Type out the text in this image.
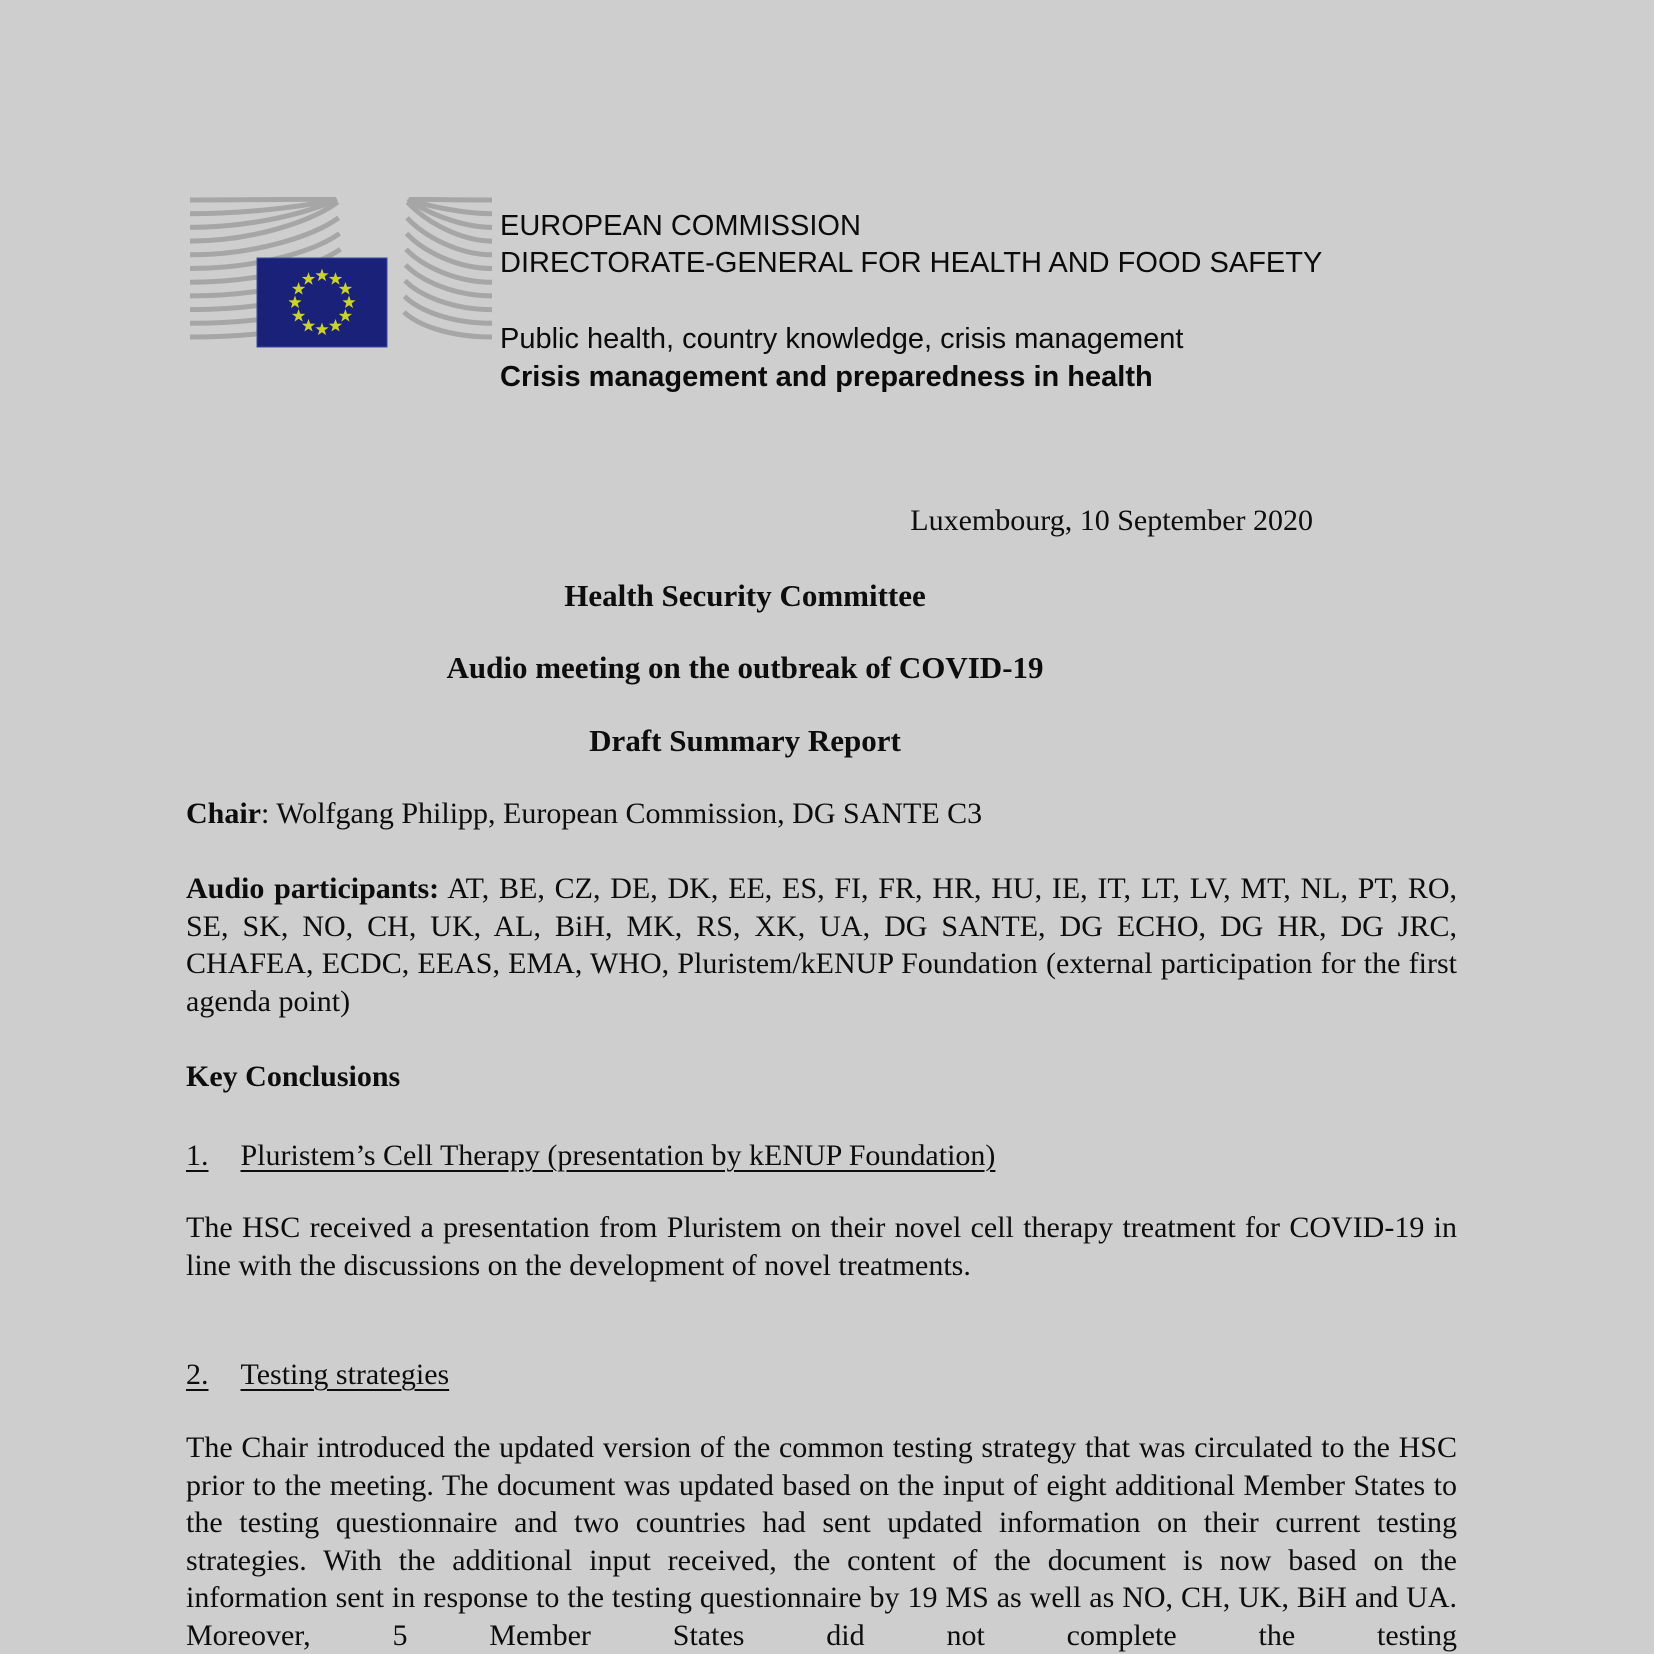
EUROPEAN COMMISSION
DIRECTORATE-GENERAL FOR HEALTH AND FOOD SAFETY
Public health, country knowledge, crisis management
Crisis management and preparedness in health
Luxembourg, 10 September 2020
Health Security Committee
Audio meeting on the outbreak of COVID-19
Draft Summary Report
Chair: Wolfgang Philipp, European Commission, DG SANTE C3
Audio participants: AT, BE, CZ, DE, DK, EE, ES, FI, FR, HR, HU, IE, IT, LT, LV, MT, NL, PT, RO, SE, SK, NO, CH, UK, AL, BiH, MK, RS, XK, UA, DG SANTE, DG ECHO, DG HR, DG JRC, CHAFEA, ECDC, EEAS, EMA, WHO, Pluristem/kENUP Foundation (external participation for the first agenda point)
Key Conclusions
1. Pluristem’s Cell Therapy (presentation by kENUP Foundation)
The HSC received a presentation from Pluristem on their novel cell therapy treatment for COVID-19 in line with the discussions on the development of novel treatments.
2. Testing strategies
The Chair introduced the updated version of the common testing strategy that was circulated to the HSC prior to the meeting. The document was updated based on the input of eight additional Member States to the testing questionnaire and two countries had sent updated information on their current testing strategies. With the additional input received, the content of the document is now based on the information sent in response to the testing questionnaire by 19 MS as well as NO, CH, UK, BiH and UA. Moreover, 5 Member States did not complete the testing
